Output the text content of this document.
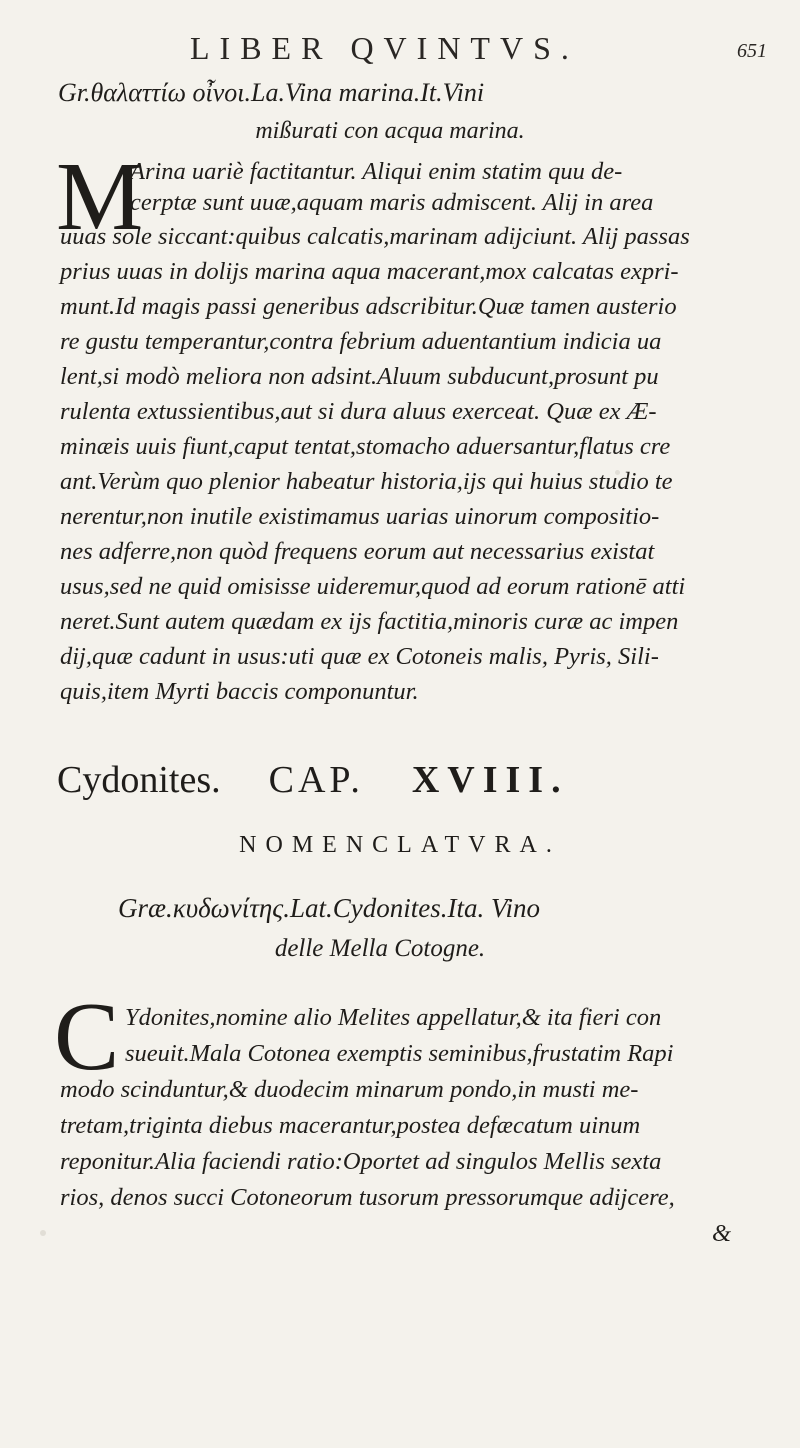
LIBER QVINTVS.	651
Gr.θαλαττίω οἶνοι.La.Vina marina.It.Vini
mißurati con acqua marina.
M
Arina uariè factitantur. Aliqui enim statim quu de-
cerptæ sunt uuæ,aquam maris admiscent. Alij in area
uuas sole siccant:quibus calcatis,marinam adijciunt. Alij passas
prius uuas in dolijs marina aqua macerant,mox calcatas expri-
munt.Id magis passi generibus adscribitur.Quæ tamen austerio
re gustu temperantur,contra febrium aduentantium indicia ua
lent,si modò meliora non adsint.Aluum subducunt,prosunt pu
rulenta extussientibus,aut si dura aluus exerceat. Quæ ex Æ-
minæis uuis fiunt,caput tentat,stomacho aduersantur,flatus cre
ant.Verùm quo plenior habeatur historia,ijs qui huius studio te
nerentur,non inutile existimamus uarias uinorum compositio-
nes adferre,non quòd frequens eorum aut necessarius existat
usus,sed ne quid omisisse uideremur,quod ad eorum rationē atti
neret.Sunt autem quædam ex ijs factitia,minoris curæ ac impen
dij,quæ cadunt in usus:uti quæ ex Cotoneis malis, Pyris, Sili-
quis,item Myrti baccis componuntur.
Cydonites. CAP. XVIII.
NOMENCLATVRA.
Græ.κυδωνίτης.Lat.Cydonites.Ita. Vino
delle Mella Cotogne.
C Ydonites,nomine alio Melites appellatur,& ita fieri con
sueuit.Mala Cotonea exemptis seminibus,frustatim Rapi
modo scinduntur,& duodecim minarum pondo,in musti me-
tretam,triginta diebus macerantur,postea defæcatum uinum
reponitur.Alia faciendi ratio:Oportet ad singulos Mellis sexta
rios, denos succi Cotoneorum tusorum pressorumque adijcere,
&
